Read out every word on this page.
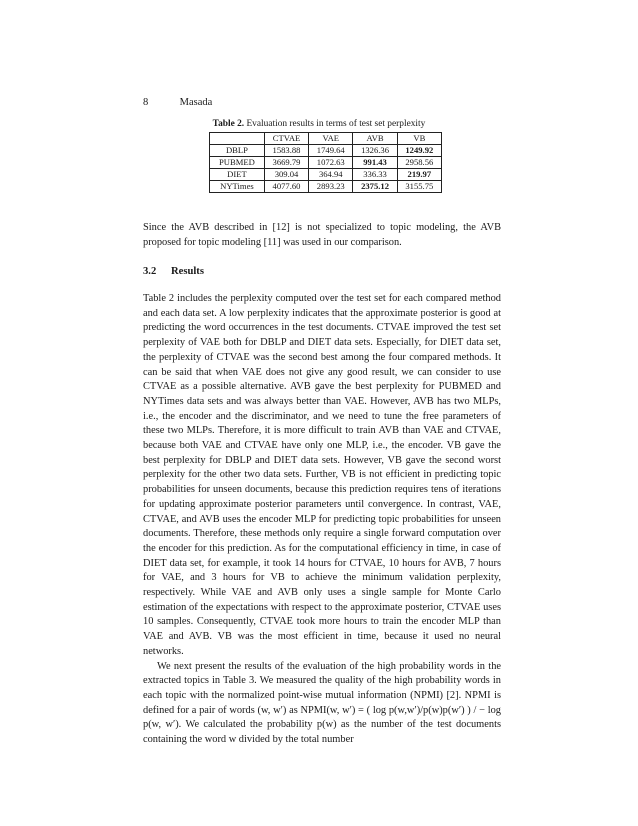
8	Masada
Table 2. Evaluation results in terms of test set perplexity
	CTVAE	VAE	AVB	VB
DBLP	1583.88	1749.64	1326.36	1249.92
PUBMED	3669.79	1072.63	991.43	2958.56
DIET	309.04	364.94	336.33	219.97
NYTimes	4077.60	2893.23	2375.12	3155.75

Since the AVB described in [12] is not specialized to topic modeling, the AVB proposed for topic modeling [11] was used in our comparison.

3.2 Results

Table 2 includes the perplexity computed over the test set for each compared method and each data set. A low perplexity indicates that the approximate posterior is good at predicting the word occurrences in the test documents. CTVAE improved the test set perplexity of VAE both for DBLP and DIET data sets. Especially, for DIET data set, the perplexity of CTVAE was the second best among the four compared methods. It can be said that when VAE does not give any good result, we can consider to use CTVAE as a possible alternative. AVB gave the best perplexity for PUBMED and NYTimes data sets and was always better than VAE. However, AVB has two MLPs, i.e., the encoder and the discriminator, and we need to tune the free parameters of these two MLPs. Therefore, it is more difficult to train AVB than VAE and CTVAE, because both VAE and CTVAE have only one MLP, i.e., the encoder. VB gave the best perplexity for DBLP and DIET data sets. However, VB gave the second worst perplexity for the other two data sets. Further, VB is not efficient in predicting topic probabilities for unseen documents, because this prediction requires tens of iterations for updating approximate posterior parameters until convergence. In contrast, VAE, CTVAE, and AVB uses the encoder MLP for predicting topic probabilities for unseen documents. Therefore, these methods only require a single forward computation over the encoder for this prediction. As for the computational efficiency in time, in case of DIET data set, for example, it took 14 hours for CTVAE, 10 hours for AVB, 7 hours for VAE, and 3 hours for VB to achieve the minimum validation perplexity, respectively. While VAE and AVB only uses a single sample for Monte Carlo estimation of the expectations with respect to the approximate posterior, CTVAE uses 10 samples. Consequently, CTVAE took more hours to train the encoder MLP than VAE and AVB. VB was the most efficient in time, because it used no neural networks.

We next present the results of the evaluation of the high probability words in the extracted topics in Table 3. We measured the quality of the high probability words in each topic with the normalized point-wise mutual information (NPMI) [2]. NPMI is defined for a pair of words (w, w′) as NPMI(w, w′) = ( log p(w,w′)/p(w)p(w′) ) / − log p(w, w′). We calculated the probability p(w) as the number of the test documents containing the word w divided by the total number
